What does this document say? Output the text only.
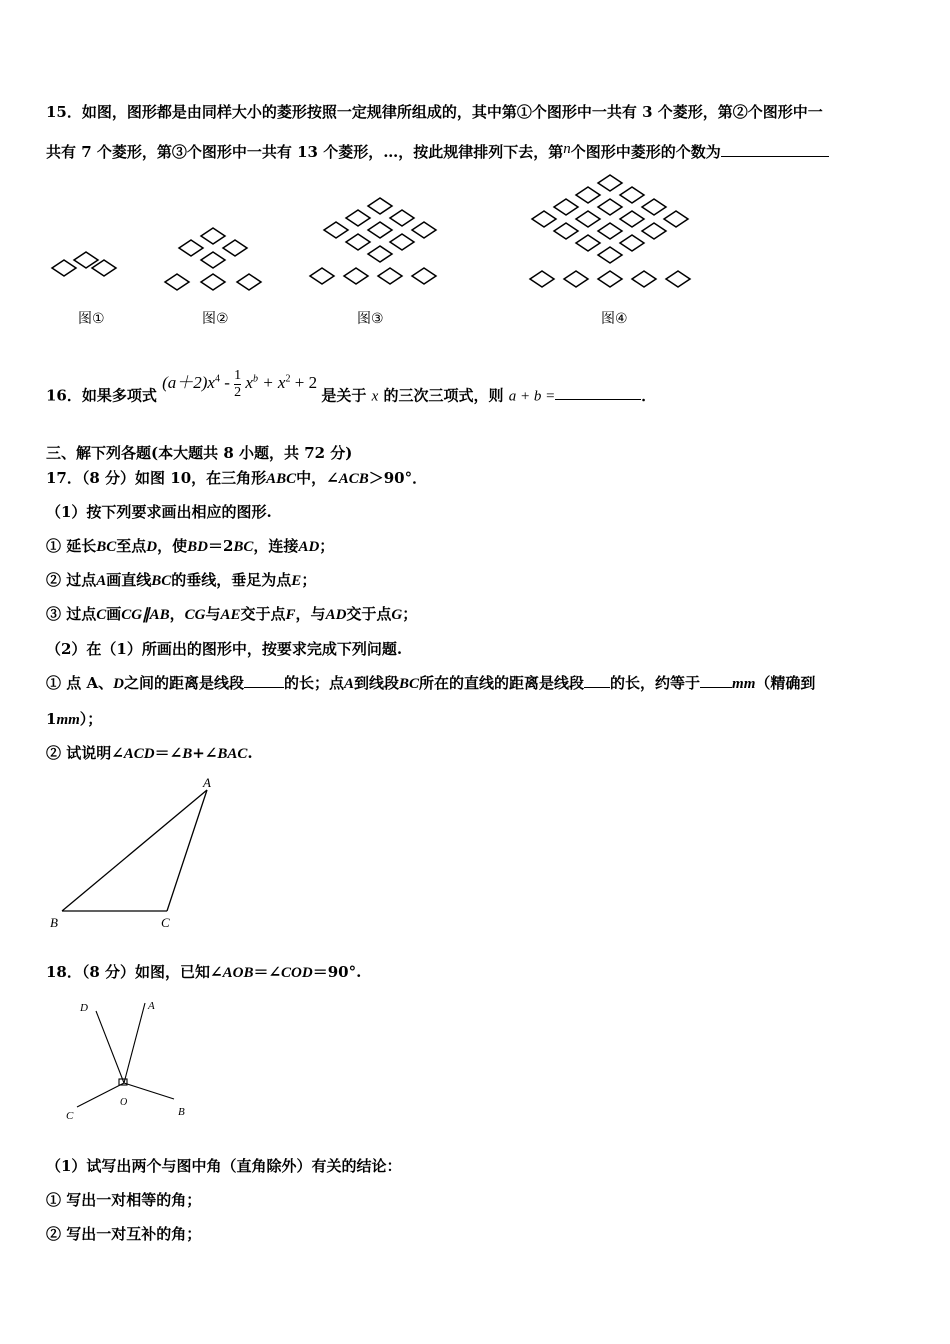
15．如图，图形都是由同样大小的菱形按照一定规律所组成的，其中第①个图形中一共有 3 个菱形，第②个图形中一
共有 7 个菱形，第③个图形中一共有 13 个菱形，…，按此规律排列下去，第n个图形中菱形的个数为
图①	图②	图③	图④
16．如果多项式 $(a+2)x^4 - \frac{1}{2} x^b + x^2 + 2$ 是关于 x 的三次三项式，则 a + b =	．
三、解下列各题(本大题共 8 小题，共 72 分)
17．（8 分）如图 10，在三角形ABC中，∠ACB＞90°．
（1）按下列要求画出相应的图形.
① 延长BC至点D，使BD＝2BC，连接AD；
② 过点A画直线BC的垂线，垂足为点E；
③ 过点C画CG∥AB，CG与AE交于点F，与AD交于点G；
（2）在（1）所画出的图形中，按要求完成下列问题.
① 点 A、D之间的距离是线段	的长；点A到线段BC所在的直线的距离是线段 的长，约等于 mm（精确到
1mm）；
② 试说明∠ACD＝∠B+∠BAC.
A
B	C
18．（8 分）如图，已知∠AOB＝∠COD＝90°.
D	A
O
C	B
（1）试写出两个与图中角（直角除外）有关的结论：
① 写出一对相等的角；
② 写出一对互补的角；
